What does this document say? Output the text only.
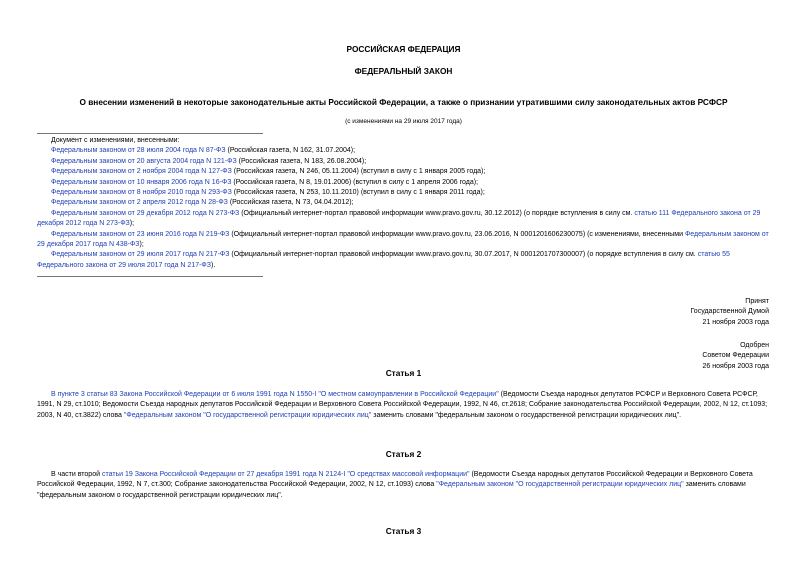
РОССИЙСКАЯ ФЕДЕРАЦИЯ
ФЕДЕРАЛЬНЫЙ ЗАКОН
О внесении изменений в некоторые законодательные акты Российской Федерации, а также о признании утратившими силу законодательных актов РСФСР
(с изменениями на 29 июля 2017 года)
Документ с изменениями, внесенными:
Федеральным законом от 28 июля 2004 года N 87-ФЗ (Российская газета, N 162, 31.07.2004);
Федеральным законом от 20 августа 2004 года N 121-ФЗ (Российская газета, N 183, 26.08.2004);
Федеральным законом от 2 ноября 2004 года N 127-ФЗ (Российская газета, N 246, 05.11.2004) (вступил в силу с 1 января 2005 года);
Федеральным законом от 10 января 2006 года N 16-ФЗ (Российская газета, N 8, 19.01.2006) (вступил в силу с 1 апреля 2006 года);
Федеральным законом от 8 ноября 2010 года N 293-ФЗ (Российская газета, N 253, 10.11.2010) (вступил в силу с 1 января 2011 года);
Федеральным законом от 2 апреля 2012 года N 28-ФЗ (Российская газета, N 73, 04.04.2012);
Федеральным законом от 29 декабря 2012 года N 273-ФЗ (Официальный интернет-портал правовой информации www.pravo.gov.ru, 30.12.2012) (о порядке вступления в силу см. статью 111 Федерального закона от 29 декабря 2012 года N 273-ФЗ);
Федеральным законом от 23 июня 2016 года N 219-ФЗ (Официальный интернет-портал правовой информации www.pravo.gov.ru, 23.06.2016, N 0001201606230075) (с изменениями, внесенными Федеральным законом от 29 декабря 2017 года N 438-ФЗ);
Федеральным законом от 29 июля 2017 года N 217-ФЗ (Официальный интернет-портал правовой информации www.pravo.gov.ru, 30.07.2017, N 0001201707300007) (о порядке вступления в силу см. статью 55 Федерального закона от 29 июля 2017 года N 217-ФЗ).
Принят
Государственной Думой
21 ноября 2003 года
Одобрен
Советом Федерации
26 ноября 2003 года
Статья 1
В пункте 3 статьи 83 Закона Российской Федерации от 6 июля 1991 года N 1550-I "О местном самоуправлении в Российской Федерации" (Ведомости Съезда народных депутатов РСФСР и Верховного Совета РСФСР, 1991, N 29, ст.1010; Ведомости Съезда народных депутатов Российской Федерации и Верховного Совета Российской Федерации, 1992, N 46, ст.2618; Собрание законодательства Российской Федерации, 2002, N 12, ст.1093; 2003, N 40, ст.3822) слова "Федеральным законом "О государственной регистрации юридических лиц" заменить словами "федеральным законом о государственной регистрации юридических лиц".
Статья 2
В части второй статьи 19 Закона Российской Федерации от 27 декабря 1991 года N 2124-I "О средствах массовой информации" (Ведомости Съезда народных депутатов Российской Федерации и Верховного Совета Российской Федерации, 1992, N 7, ст.300; Собрание законодательства Российской Федерации, 2002, N 12, ст.1093) слова "Федеральным законом "О государственной регистрации юридических лиц" заменить словами "федеральным законом о государственной регистрации юридических лиц".
Статья 3
